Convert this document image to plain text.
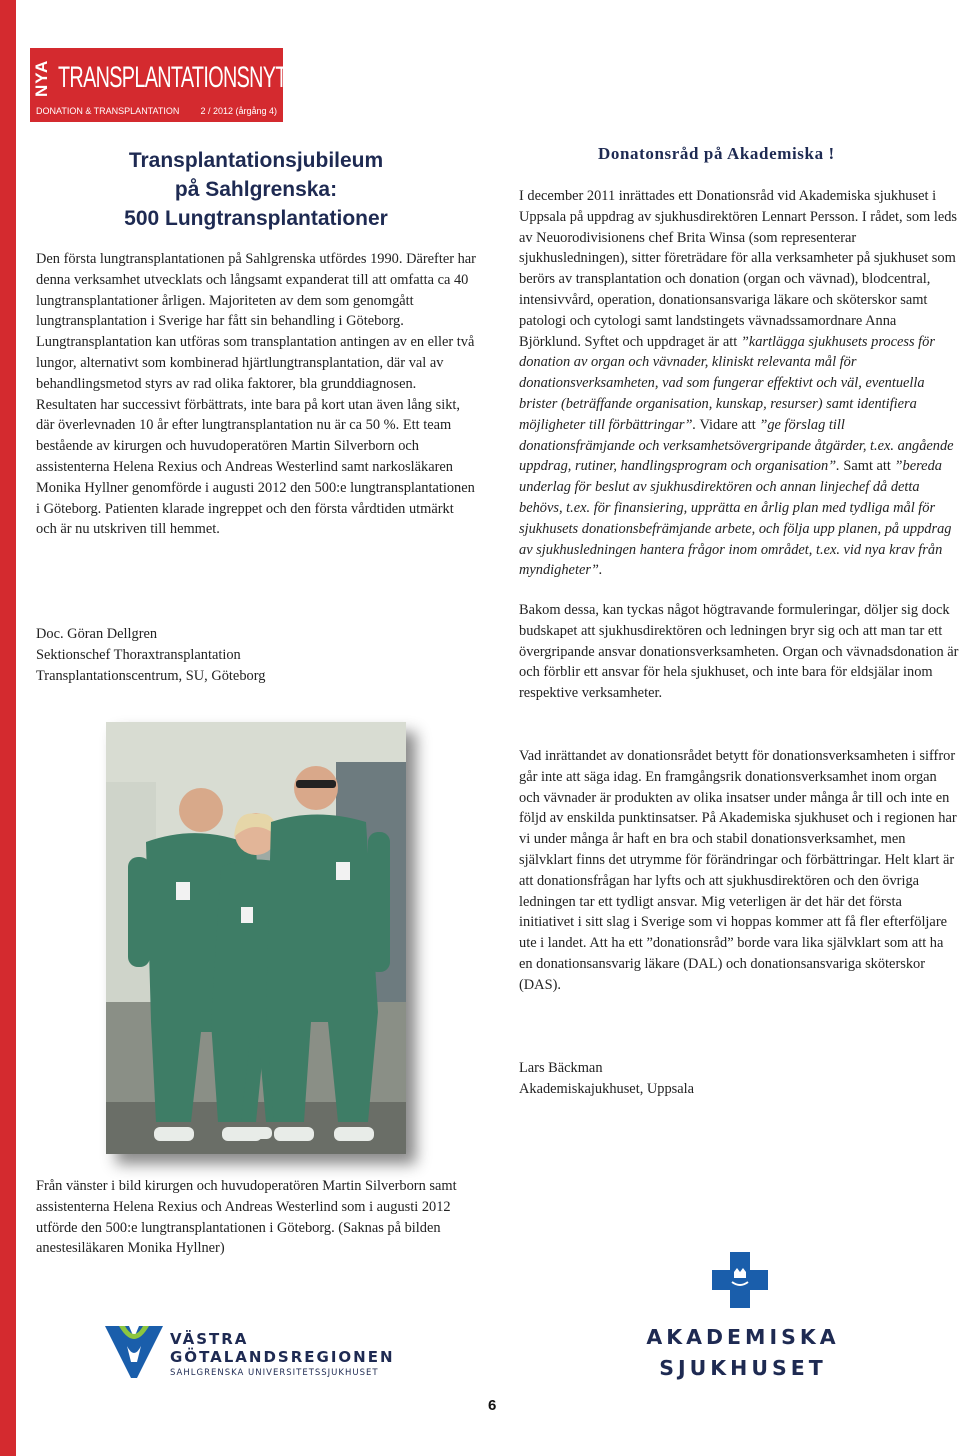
NYA TRANSPLANTATIONSNYTT
DONATION & TRANSPLANTATION 2 / 2012 (årgång 4)
Transplantationsjubileum
på Sahlgrenska:
500 Lungtransplantationer

Den första lungtransplantationen på Sahlgrenska utfördes 1990. Därefter har denna verksamhet utvecklats och långsamt expanderat till att omfatta ca 40 lungtransplantationer årligen. Majoriteten av dem som genomgått lungtransplantation i Sverige har fått sin behandling i Göteborg. Lungtransplantation kan utföras som transplantation antingen av en eller två lungor, alternativt som kombinerad hjärtlungtransplantation, där val av behandlingsmetod styrs av rad olika faktorer, bla grunddiagnosen. Resultaten har successivt förbättrats, inte bara på kort utan även lång sikt, där överlevnaden 10 år efter lungtransplantation nu är ca 50 %. Ett team bestående av kirurgen och huvudoperatören Martin Silverborn och assistenterna Helena Rexius och Andreas Westerlind samt narkosläkaren Monika Hyllner genomförde i augusti 2012 den 500:e lungtransplantationen i Göteborg. Patienten klarade ingreppet och den första vårdtiden utmärkt och är nu utskriven till hemmet.

Doc. Göran Dellgren
Sektionschef Thoraxtransplantation
Transplantationscentrum, SU, Göteborg

Från vänster i bild kirurgen och huvudoperatören Martin Silverborn samt assistenterna Helena Rexius och Andreas Westerlind som i augusti 2012 utförde den 500:e lungtransplantationen i Göteborg. (Saknas på bilden anestesiläkaren Monika Hyllner)

Donatonsråd på Akademiska !

I december 2011 inrättades ett Donationsråd vid Akademiska sjukhuset i Uppsala på uppdrag av sjukhusdirektören Lennart Persson. I rådet, som leds av Neuorodivisionens chef Brita Winsa (som representerar sjukhusledningen), sitter företrädare för alla verksamheter på sjukhuset som berörs av transplantation och donation (organ och vävnad), blodcentral, intensivvård, operation, donationsansvariga läkare och sköterskor samt patologi och cytologi samt landstingets vävnadssamordnare Anna Björklund. Syftet och uppdraget är att ”kartlägga sjukhusets process för donation av organ och vävnader, kliniskt relevanta mål för donationsverksamheten, vad som fungerar effektivt och väl, eventuella brister (beträffande organisation, kunskap, resurser) samt identifiera möjligheter till förbättringar”. Vidare att ”ge förslag till donationsfrämjande och verksamhetsövergripande åtgärder, t.ex. angående uppdrag, rutiner, handlingsprogram och organisation”. Samt att ”bereda underlag för beslut av sjukhusdirektören och annan linjechef då detta behövs, t.ex. för finansiering, upprätta en årlig plan med tydliga mål för sjukhusets donationsbefrämjande arbete, och följa upp planen, på uppdrag av sjukhusledningen hantera frågor inom området, t.ex. vid nya krav från myndigheter”.

Bakom dessa, kan tyckas något högtravande formuleringar, döljer sig dock budskapet att sjukhusdirektören och ledningen bryr sig och att man tar ett övergripande ansvar donationsverksamheten. Organ och vävnadsdonation är och förblir ett ansvar för hela sjukhuset, och inte bara för eldsjälar inom respektive verksamheter.

Vad inrättandet av donationsrådet betytt för donationsverksamheten i siffror går inte att säga idag. En framgångsrik donationsverksamhet inom organ och vävnader är produkten av olika insatser under många år till och inte en följd av enskilda punktinsatser. På Akademiska sjukhuset och i regionen har vi under många år haft en bra och stabil donationsverksamhet, men självklart finns det utrymme för förändringar och förbättringar. Helt klart är att donationsfrågan har lyfts och att sjukhusdirektören och den övriga ledningen tar ett tydligt ansvar. Mig veterligen är det här det första initiativet i sitt slag i Sverige som vi hoppas kommer att få fler efterföljare ute i landet. Att ha ett ”donationsråd” borde vara lika självklart som att ha en donationsansvarig läkare (DAL) och donationsansvariga sköterskor (DAS).

Lars Bäckman
Akademiskajukhuset, Uppsala
VÄSTRA
GÖTALANDSREGIONEN
SAHLGRENSKA UNIVERSITETSSJUKHUSET
AKADEMISKA
SJUKHUSET
6
